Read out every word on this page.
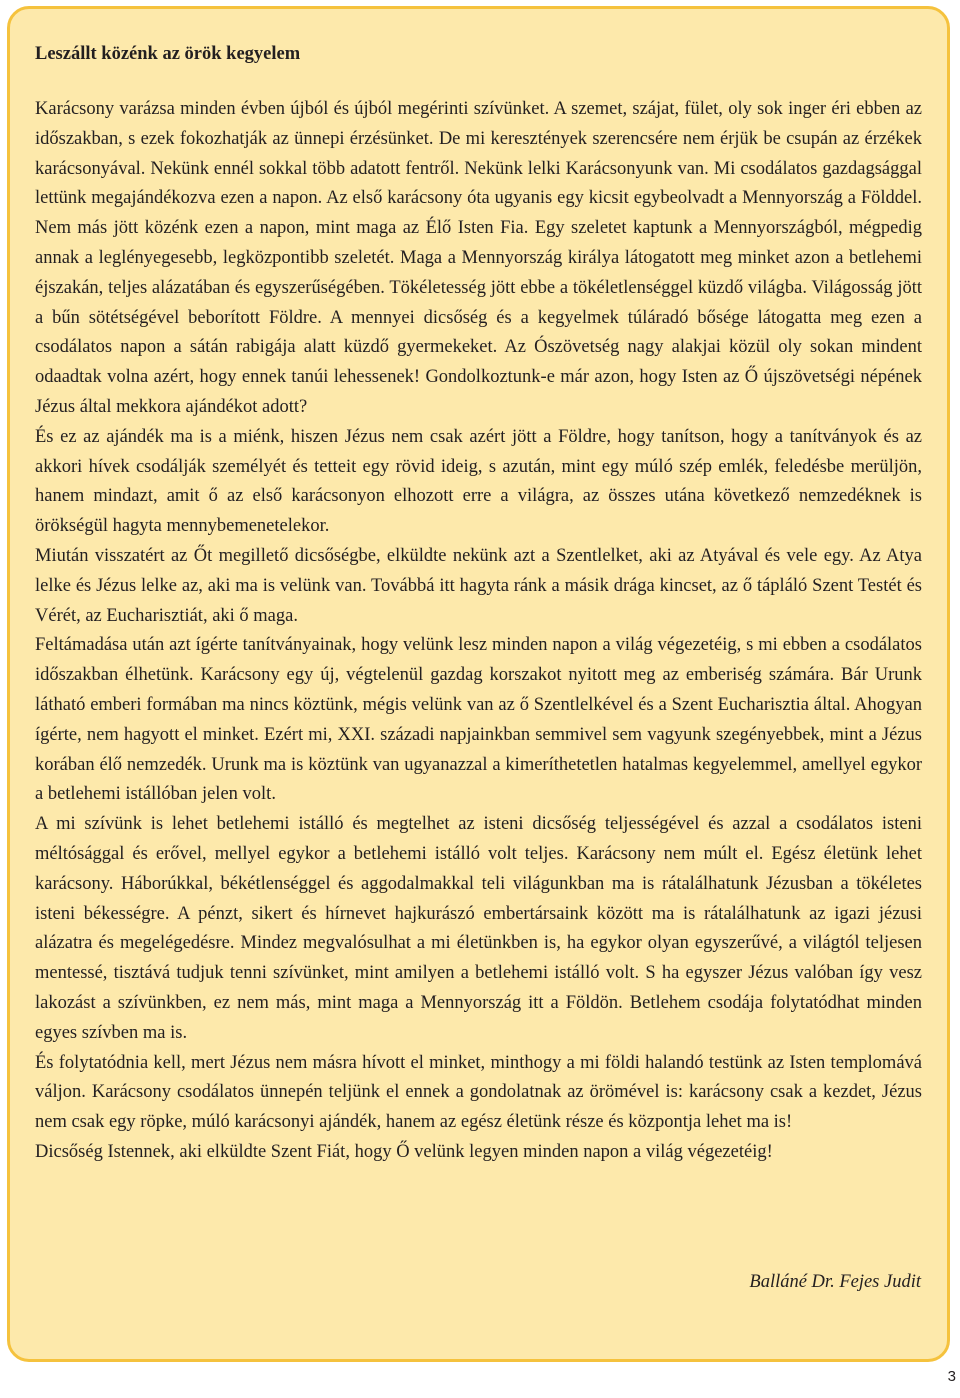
Leszállt közénk az örök kegyelem

Karácsony varázsa minden évben újból és újból megérinti szívünket. A szemet, szájat, fület, oly sok inger éri ebben az időszakban, s ezek fokozhatják az ünnepi érzésünket. De mi keresztények szerencsére nem érjük be csupán az érzékek karácsonyával. Nekünk ennél sokkal több adatott fentről. Nekünk lelki Karácsonyunk van. Mi csodálatos gazdagsággal lettünk megajándékozva ezen a napon. Az első karácsony óta ugyanis egy kicsit egybeolvadt a Mennyország a Földdel. Nem más jött közénk ezen a napon, mint maga az Élő Isten Fia. Egy szeletet kaptunk a Mennyországból, mégpedig annak a leglényegesebb, legközpontibb szeletét. Maga a Mennyország királya látogatott meg minket azon a betlehemi éjszakán, teljes alázatában és egyszerűségében. Tökéletesség jött ebbe a tökéletlenséggel küzdő világba. Világosság jött a bűn sötétségével beborított Földre. A mennyei dicsőség és a kegyelmek túláradó bősége látogatta meg ezen a csodálatos napon a sátán rabigája alatt küzdő gyermekeket. Az Ószövetség nagy alakjai közül oly sokan mindent odaadtak volna azért, hogy ennek tanúi lehessenek! Gondolkoztunk-e már azon, hogy Isten az Ő újszövetségi népének Jézus által mekkora ajándékot adott?

És ez az ajándék ma is a miénk, hiszen Jézus nem csak azért jött a Földre, hogy tanítson, hogy a tanítványok és az akkori hívek csodálják személyét és tetteit egy rövid ideig, s azután, mint egy múló szép emlék, feledésbe merüljön, hanem mindazt, amit ő az első karácsonyon elhozott erre a világra, az összes utána következő nemzedéknek is örökségül hagyta mennybemenetelekor.

Miután visszatért az Őt megillető dicsőségbe, elküldte nekünk azt a Szentlelket, aki az Atyával és vele egy. Az Atya lelke és Jézus lelke az, aki ma is velünk van. Továbbá itt hagyta ránk a másik drága kincset, az ő tápláló Szent Testét és Vérét, az Eucharisztiát, aki ő maga.

Feltámadása után azt ígérte tanítványainak, hogy velünk lesz minden napon a világ végezetéig, s mi ebben a csodálatos időszakban élhetünk. Karácsony egy új, végtelenül gazdag korszakot nyitott meg az emberiség számára. Bár Urunk látható emberi formában ma nincs köztünk, mégis velünk van az ő Szentlelkével és a Szent Eucharisztia által. Ahogyan ígérte, nem hagyott el minket. Ezért mi, XXI. századi napjainkban semmivel sem vagyunk szegényebbek, mint a Jézus korában élő nemzedék. Urunk ma is köztünk van ugyanazzal a kimeríthetetlen hatalmas kegyelemmel, amellyel egykor a betlehemi istállóban jelen volt.

A mi szívünk is lehet betlehemi istálló és megtelhet az isteni dicsőség teljességével és azzal a csodálatos isteni méltósággal és erővel, mellyel egykor a betlehemi istálló volt teljes. Karácsony nem múlt el. Egész életünk lehet karácsony. Háborúkkal, békétlenséggel és aggodalmakkal teli világunkban ma is rátalálhatunk Jézusban a tökéletes isteni békességre. A pénzt, sikert és hírnevet hajkurászó embertársaink között ma is rátalálhatunk az igazi jézusi alázatra és megelégedésre. Mindez megvalósulhat a mi életünkben is, ha egykor olyan egyszerűvé, a világtól teljesen mentessé, tisztává tudjuk tenni szívünket, mint amilyen a betlehemi istálló volt. S ha egyszer Jézus valóban így vesz lakozást a szívünkben, ez nem más, mint maga a Mennyország itt a Földön. Betlehem csodája folytatódhat minden egyes szívben ma is.

És folytatódnia kell, mert Jézus nem másra hívott el minket, minthogy a mi földi halandó testünk az Isten templomává váljon. Karácsony csodálatos ünnepén teljünk el ennek a gondolatnak az örömével is: karácsony csak a kezdet, Jézus nem csak egy röpke, múló karácsonyi ajándék, hanem az egész életünk része és központja lehet ma is!

Dicsőség Istennek, aki elküldte Szent Fiát, hogy Ő velünk legyen minden napon a világ végezetéig!

Balláné Dr. Fejes Judit
3
